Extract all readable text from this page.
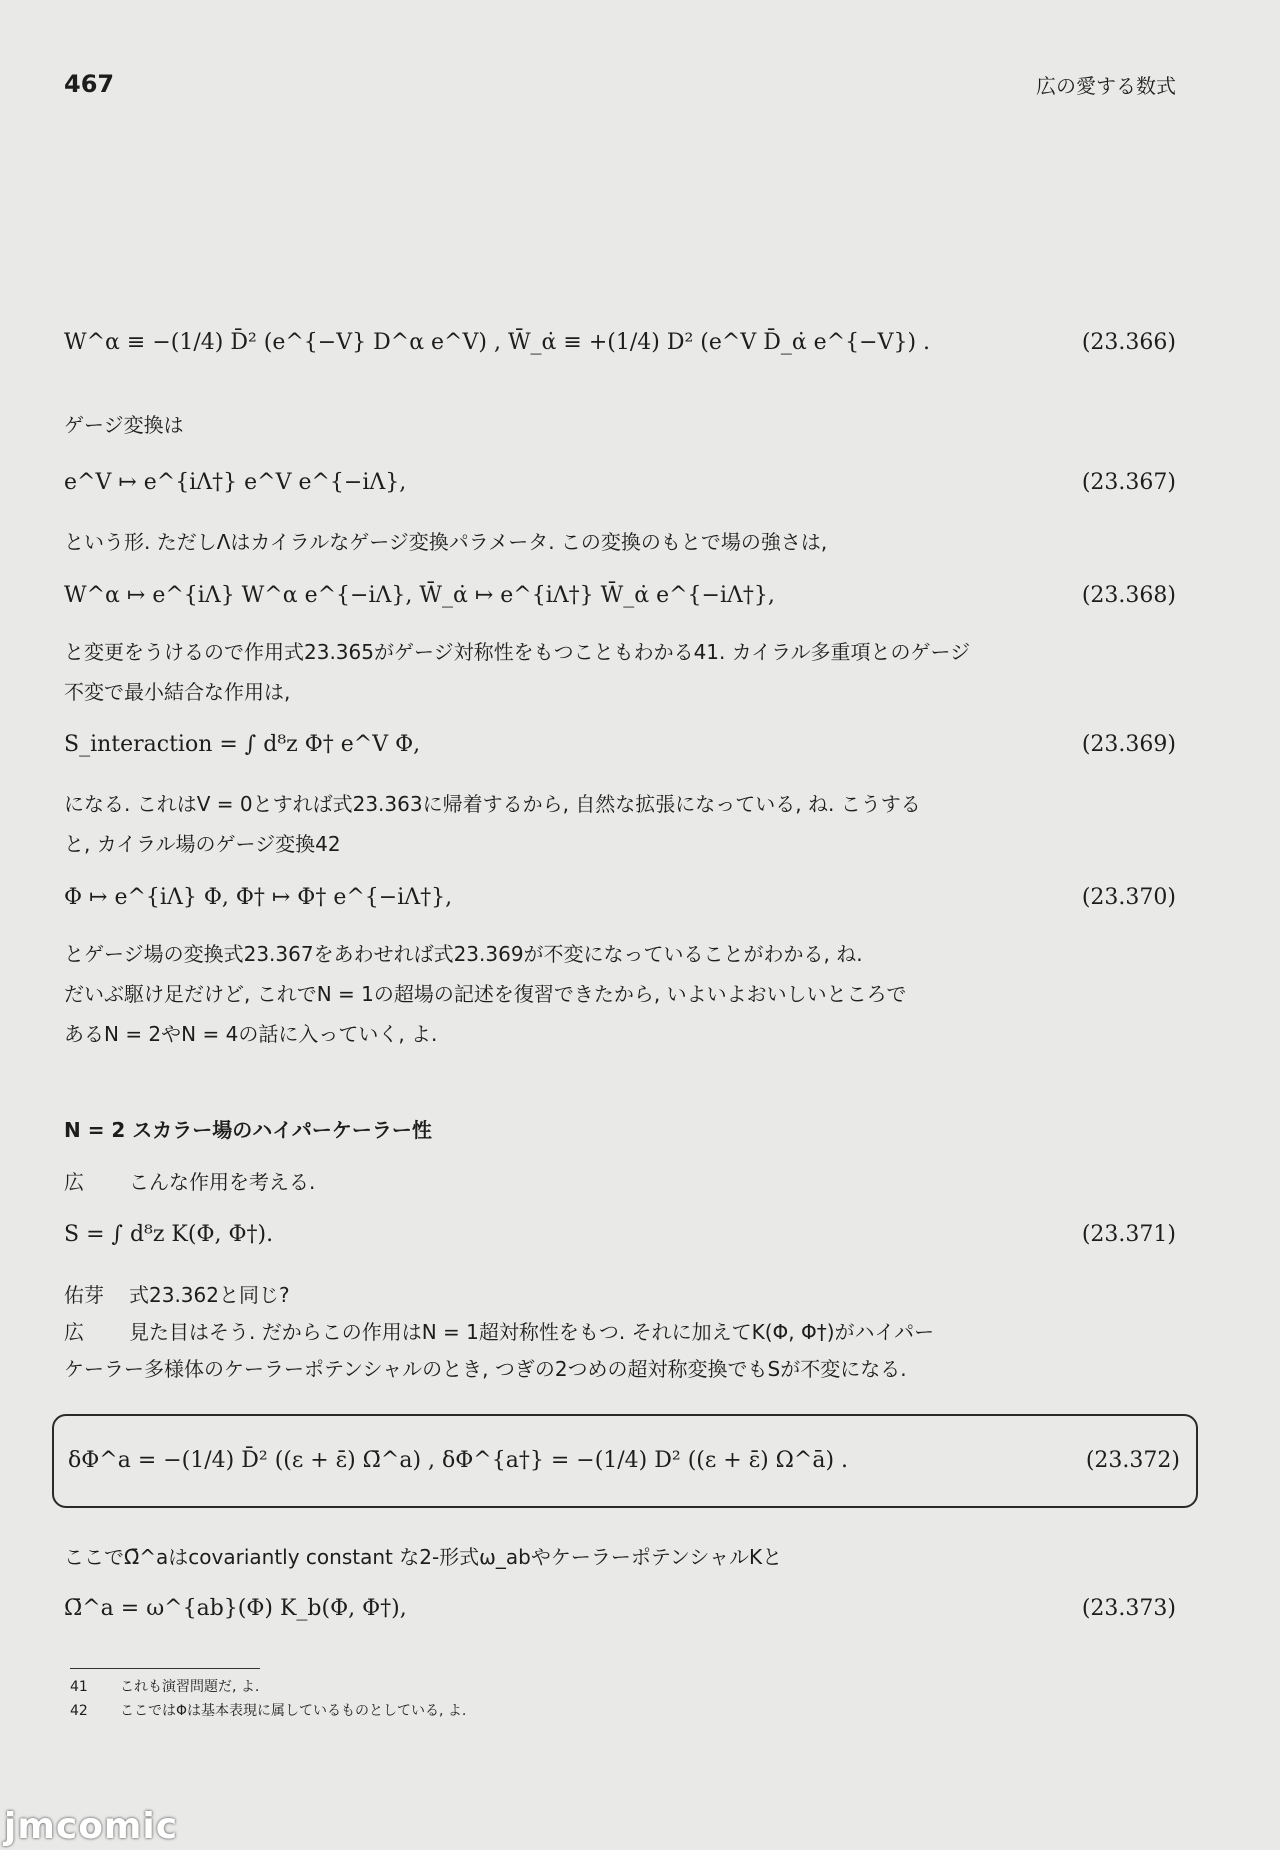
467	広の愛する数式
W^α ≡ −(1/4) D̄² (e^{−V} D^α e^V) , W̄_α̇ ≡ +(1/4) D² (e^V D̄_α̇ e^{−V}) .	(23.366)
ゲージ変換は
e^V ↦ e^{iΛ†} e^V e^{−iΛ},	(23.367)
という形. ただしΛはカイラルなゲージ変換パラメータ. この変換のもとで場の強さは,
W^α ↦ e^{iΛ} W^α e^{−iΛ}, W̄_α̇ ↦ e^{iΛ†} W̄_α̇ e^{−iΛ†},	(23.368)
と変更をうけるので作用式23.365がゲージ対称性をもつこともわかる41. カイラル多重項とのゲージ
不変で最小結合な作用は,
S_interaction = ∫ d⁸z Φ† e^V Φ,	(23.369)
になる. これはV = 0とすれば式23.363に帰着するから, 自然な拡張になっている, ね. こうする
と, カイラル場のゲージ変換42
Φ ↦ e^{iΛ} Φ, Φ† ↦ Φ† e^{−iΛ†},	(23.370)
とゲージ場の変換式23.367をあわせれば式23.369が不変になっていることがわかる, ね.
だいぶ駆け足だけど, これでN = 1の超場の記述を復習できたから, いよいよおいしいところで
あるN = 2やN = 4の話に入っていく, よ.
N = 2 スカラー場のハイパーケーラー性
広 こんな作用を考える.
S = ∫ d⁸z K(Φ, Φ†).	(23.371)
佑芽 式23.362と同じ?
広 見た目はそう. だからこの作用はN = 1超対称性をもつ. それに加えてK(Φ, Φ†)がハイパー
ケーラー多様体のケーラーポテンシャルのとき, つぎの2つめの超対称変換でもSが不変になる.
δΦ^a = −(1/4) D̄² ((ε + ε̄) Ω̄^a) , δΦ^{a†} = −(1/4) D² ((ε + ε̄) Ω^ā) .	(23.372)
ここでΩ̄^aはcovariantly constant な2-形式ω_abやケーラーポテンシャルKと
Ω̄^a = ω^{ab}(Φ) K_b(Φ, Φ†),	(23.373)
41 これも演習問題だ, よ.
42 ここではΦは基本表現に属しているものとしている, よ.
jmcomic
